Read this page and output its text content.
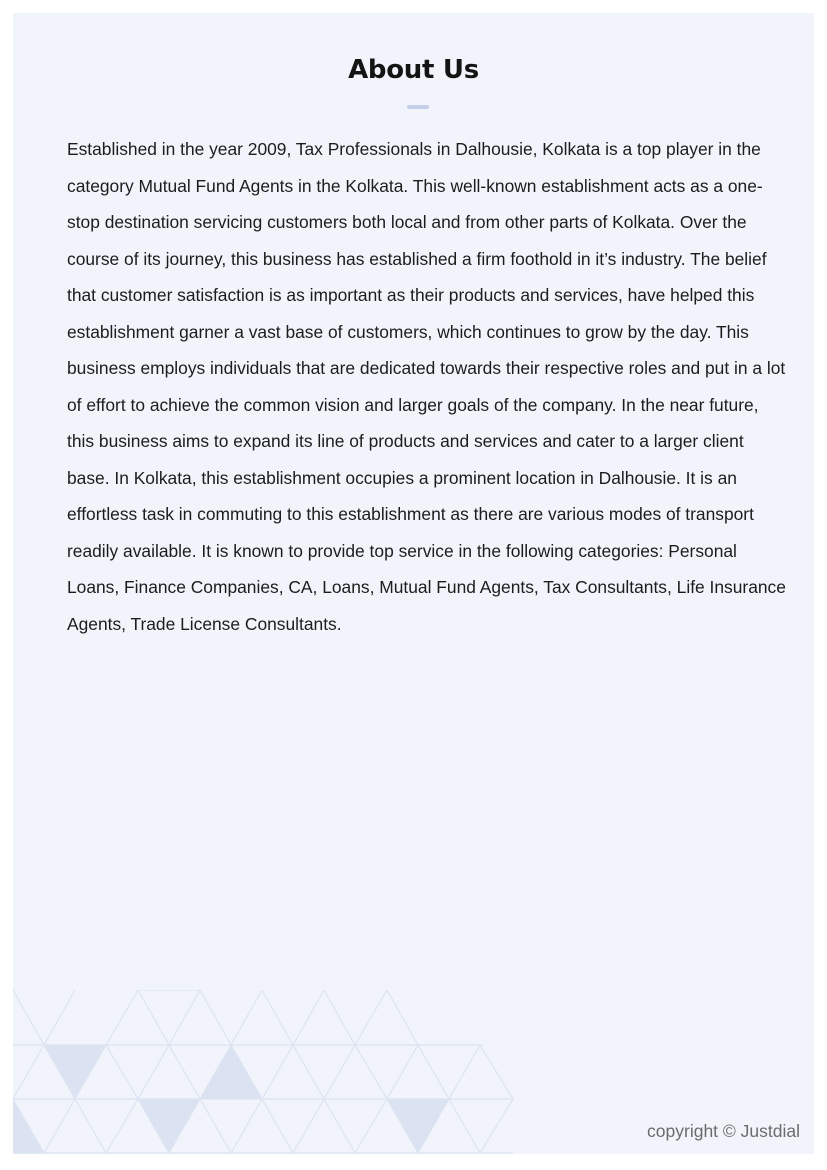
About Us

Established in the year 2009, Tax Professionals in Dalhousie, Kolkata is a top player in the category Mutual Fund Agents in the Kolkata. This well-known establishment acts as a one-stop destination servicing customers both local and from other parts of Kolkata. Over the course of its journey, this business has established a firm foothold in it’s industry. The belief that customer satisfaction is as important as their products and services, have helped this establishment garner a vast base of customers, which continues to grow by the day. This business employs individuals that are dedicated towards their respective roles and put in a lot of effort to achieve the common vision and larger goals of the company. In the near future, this business aims to expand its line of products and services and cater to a larger client base. In Kolkata, this establishment occupies a prominent location in Dalhousie. It is an effortless task in commuting to this establishment as there are various modes of transport readily available. It is known to provide top service in the following categories: Personal Loans, Finance Companies, CA, Loans, Mutual Fund Agents, Tax Consultants, Life Insurance Agents, Trade License Consultants.

copyright © Justdial
